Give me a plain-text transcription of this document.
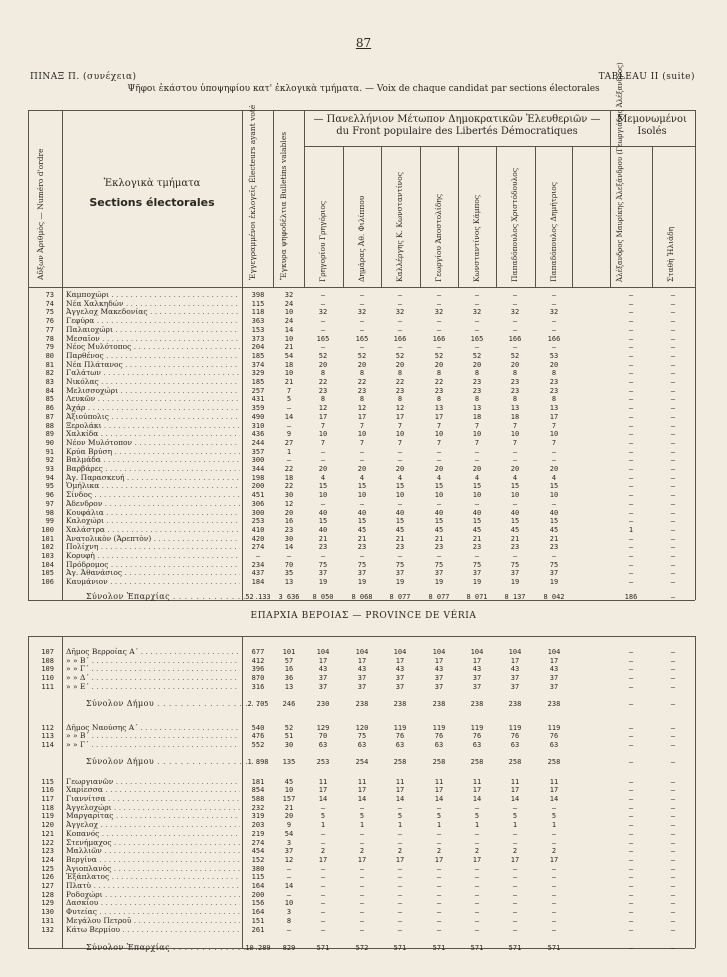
87
ΠΙΝΑΞ Π. (συνέχεια)	TABLEAU II (suite)
Ψῆφοι ἑκάστου ὑποψηφίου κατ' ἐκλογικὰ τμήματα. — Voix de chaque candidat par sections électorales
Αὔξων Ἀριθμὸς — Numéro d'ordre	Ἐκλογικὰ τμήματα
Sections électorales	Ἐγγεγραμμένοι ἐκλογεῖς Électeurs ayant voté	Ἔγκυρα ψηφοδέλτια Bulletins valables
— Πανελλήνιον Μέτωπον Δημοκρατικῶν Ἐλευθεριῶν — du Front populaire des Libertés Démocratiques
Μεμονωμένοι Isolés
Γρηγορίου Γρηγόριος	Δημάρας Ἀθ. Φιλίππου	Καλλέργης Κ. Κωνσταντίνος	Γεωργίου Ἀποστολίδης	Κωνσταντίνος Κάμπος	Παπαδόπουλος Χριστόδουλος	Παπαδόπουλος Δημήτριος	Ἀλέξανδρος Μαυρίκης Ἀλεξάνδρου (Γεωργιάδης Ἀλέξανδρος)	Σταθὴ Ἠλιάδη
ΕΠΑΡΧΙΑ ΒΕΡΟΙΑΣ — PROVINCE DE VÉRIA
73 Καμποχώρι . . .	398	32	—	—	—	—	—	—	—	—	—
74 Νέα Χαλκηδών . . .	115	24	—	—	—	—	—	—	—	—	—
75 Ἀγγελοχ Μακεδονίας . . .	118	10	32	32	32	32	32	32	32	—	—
76 Γεφύρα . . .	363	24	—	—	—	—	—	—	—	—	—
77 Παλαιοχώρι . . .	153	14	—	—	—	—	—	—	—	—	—
78 Μεσαῖον . . .	373	10	165	165	166	166	165	166	166	—	—
79 Νέος Μυλότοπος . . .	204	21	—	—	—	—	—	—	—	—	—
80 Παρθένος . . .	185	54	52	52	52	52	52	52	53	—	—
81 Νέα Πλάτανος . . .	374	18	20	20	20	20	20	20	20	—	—
82 Γαλάτων . . .	329	10	8	8	8	8	8	8	8	—	—
83 Νικόλας . . .	185	21	22	22	22	22	23	23	23	—	—
84 Μελισσοχώρι . . .	257	7	23	23	23	23	23	23	23	—	—
85 Λευκῶν . . .	431	5	8	8	8	8	8	8	8	—	—
86 Ἀχάρ . . .	359	—	12	12	12	13	13	13	13	—	—
87 Ἀξιούπολις . . .	490	14	17	17	17	17	18	18	17	—	—
88 Ξερολάκι . . .	310	—	7	7	7	7	7	7	7	—	—
89 Χαλκίδα . . .	436	9	10	10	10	10	10	10	10	—	—
90 Νέον Μυλότοπον . . .	244	27	7	7	7	7	7	7	7	—	—
91 Κρύα Βρύση . . .	357	1	—	—	—	—	—	—	—	—	—
92 Βαλμάδα . . .	300	—	—	—	—	—	—	—	—	—	—
93 Βαρβάρες . . .	344	22	20	20	20	20	20	20	20	—	—
94 Ἁγ. Παρασκευή . . .	198	18	4	4	4	4	4	4	4	—	—
95 Ὁμήλικα . . .	200	22	15	15	15	15	15	15	15	—	—
96 Σίνδος . . .	451	30	10	10	10	10	10	10	10	—	—
97 Ἀδενδρον . . .	306	12	—	—	—	—	—	—	—	—	—
98 Κουφάλια . . .	300	20	40	40	40	40	40	40	40	—	—
99 Καλοχώρι . . .	253	16	15	15	15	15	15	15	15	—	—
100 Χαλάστρα . . .	410	23	40	45	45	45	45	45	45	1	—
101 Ἀνατολικὸν (Ἀρεπτὸν) . . .	420	30	21	21	21	21	21	21	21	—	—
102 Πολίχνη . . .	274	14	23	23	23	23	23	23	23	—	—
103 Κορυφὴ . . .	—	—	—	—	—	—	—	—	—	—	—
104 Πρόδρομος . . .	234	70	75	75	75	75	75	75	75	—	—
105 Ἁγ. Ἀθανάσιος . . .	437	35	37	37	37	37	37	37	37	—	—
106 Καυμάνιον . . .	184	13	19	19	19	19	19	19	19	—	—
Σύνολον Ἐπαρχίας . . .	52 133	3 636	8 050	8 068	8 077	8 077	8 071	8 137	8 042	186	—
107 Δῆμος Βερροίας Α΄ . . .	677	101	104	104	104	104	104	104	104	—	—
108 » » Β΄ . . .	412	57	17	17	17	17	17	17	17	—	—
109 » » Γ΄ . . .	396	16	43	43	43	43	43	43	43	—	—
110 » » Δ΄ . . .	870	36	37	37	37	37	37	37	37	—	—
111 » » Ε΄ . . .	316	13	37	37	37	37	37	37	37	—	—
Σύνολον Δήμου . . .	2 705	246	230	238	238	238	238	238	238	—	—
112 Δῆμος Ναούσης Α΄ . . .	540	52	129	120	119	119	119	119	119	—	—
113 » » Β΄ . . .	476	51	70	75	76	76	76	76	76	—	—
114 » » Γ΄ . . .	552	30	63	63	63	63	63	63	63	—	—
Σύνολον Δήμου . . .	1 898	135	253	254	258	258	258	258	258	—	—
115 Γεωργιανῶν . . .	181	45	11	11	11	11	11	11	11	—	—
116 Χαρίεσσα . . .	854	10	17	17	17	17	17	17	17	—	—
117 Γιαννίτσα . . .	588	157	14	14	14	14	14	14	14	—	—
118 Ἀγγελοχώρι . . .	232	21	—	—	—	—	—	—	—	—	—
119 Μαργαρίτας . . .	319	20	5	5	5	5	5	5	5	—	—
120 Ἀγγελοχ . . .	203	9	1	1	1	1	1	1	1	—	—
121 Κοπανός . . .	219	54	—	—	—	—	—	—	—	—	—
122 Στενήμαχος . . .	274	3	—	—	—	—	—	—	—	—	—
123 Μαλλιῶν . . .	454	37	2	2	2	2	2	2	2	—	—
124 Βεργίνα . . .	152	12	17	17	17	17	17	17	17	—	—
125 Ἀγιοπλανὸς . . .	380	—	—	—	—	—	—	—	—	—	—
126 Ἐξάπλατος . . .	115	—	—	—	—	—	—	—	—	—	—
127 Πλατὺ . . .	164	14	—	—	—	—	—	—	—	—	—
128 Ροδοχώρι . . .	200	—	—	—	—	—	—	—	—	—	—
129 Δασκίου . . .	156	10	—	—	—	—	—	—	—	—	—
130 Φυτείας . . .	164	3	—	—	—	—	—	—	—	—	—
131 Μεγάλου Πετροῦ . . .	151	8	—	—	—	—	—	—	—	—	—
132 Κάτω Βερμίου . . .	261	—	—	—	—	—	—	—	—	—	—
Σύνολον Ἐπαρχίας . . .	10 289	829	571	572	571	571	571	571	571	—	—
